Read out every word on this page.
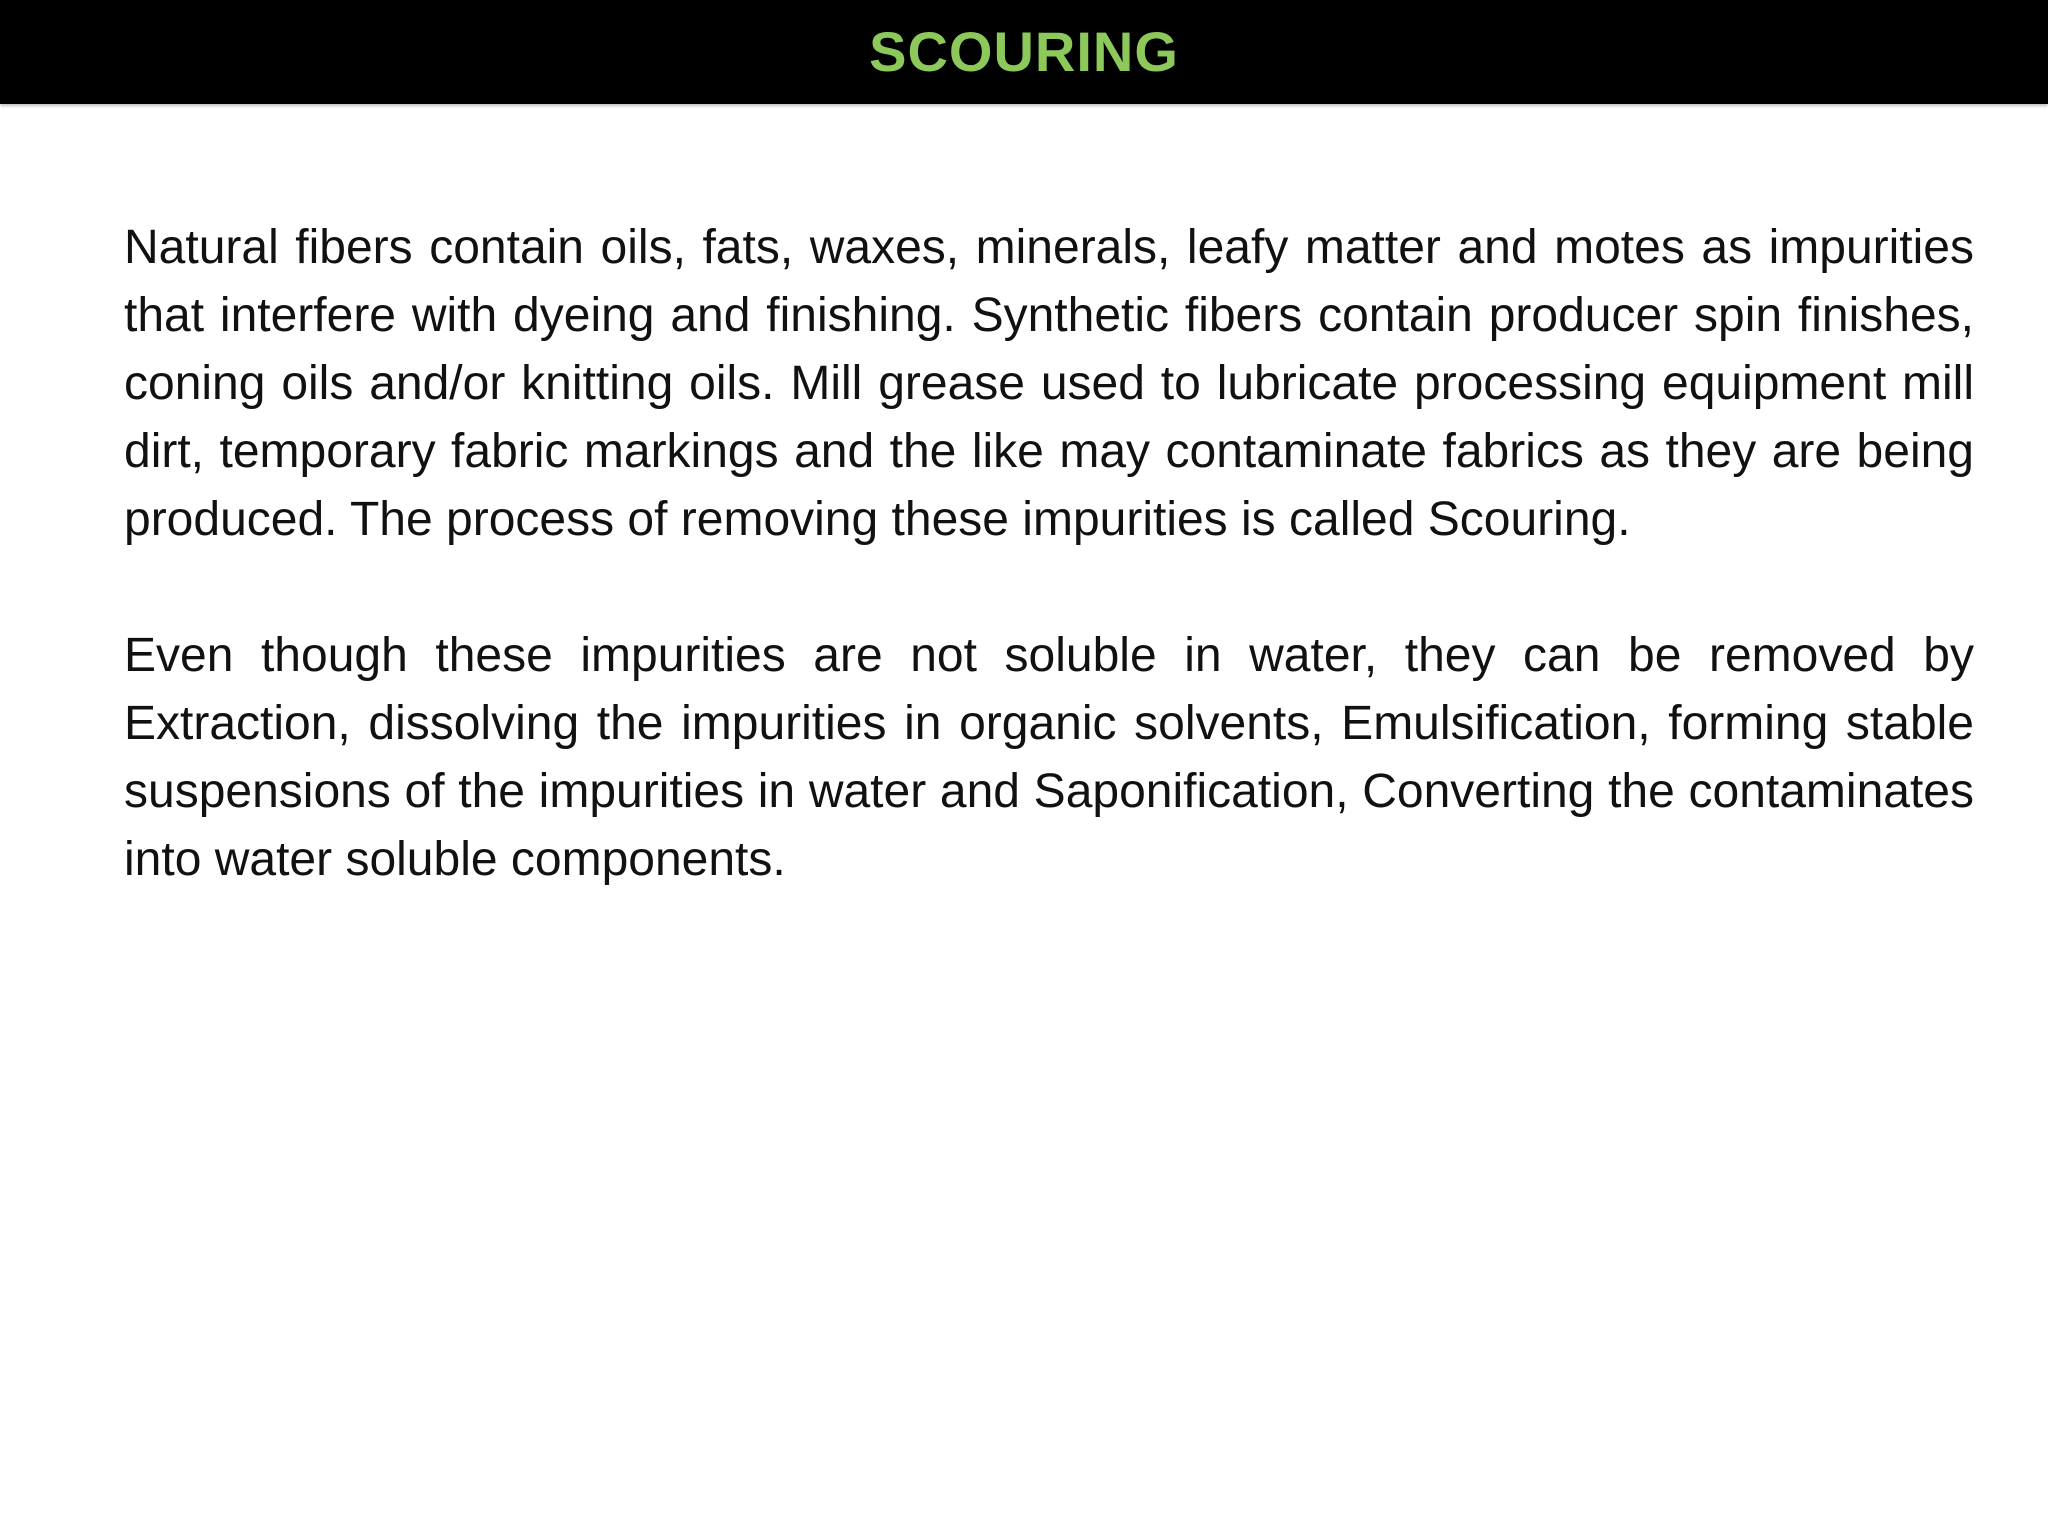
SCOURING

Natural fibers contain oils, fats, waxes, minerals, leafy matter and motes as impurities that interfere with dyeing and finishing. Synthetic fibers contain producer spin finishes, coning oils and/or knitting oils. Mill grease used to lubricate processing equipment mill dirt, temporary fabric markings and the like may contaminate fabrics as they are being produced. The process of removing these impurities is called Scouring.

Even though these impurities are not soluble in water, they can be removed by Extraction, dissolving the impurities in organic solvents, Emulsification, forming stable suspensions of the impurities in water and Saponification, Converting the contaminates into water soluble components.
